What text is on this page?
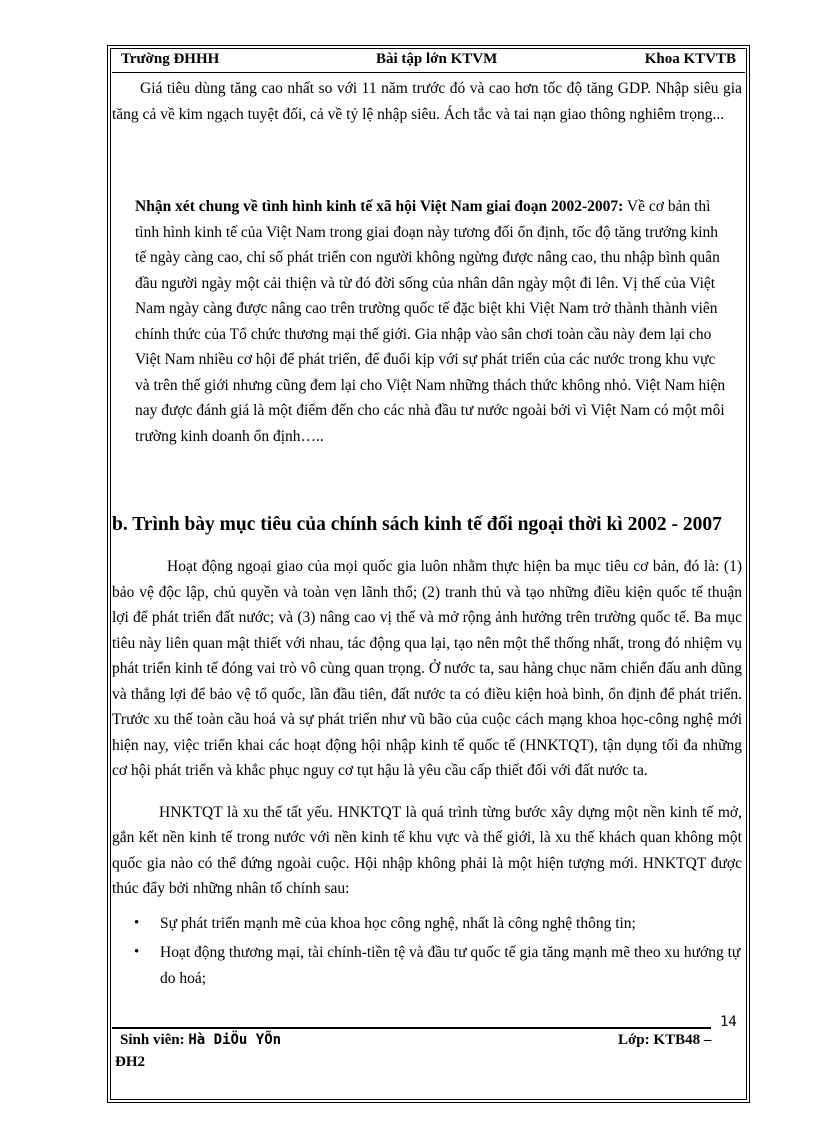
Trường ĐHHH	Bài tập lớn KTVM	Khoa KTVTB

Giá tiêu dùng tăng cao nhất so với 11 năm trước đó và cao hơn tốc độ tăng GDP. Nhập siêu gia tăng cả về kim ngạch tuyệt đối, cả về tỷ lệ nhập siêu. Ách tắc và tai nạn giao thông nghiêm trọng...

Nhận xét chung về tình hình kinh tế xã hội Việt Nam giai đoạn 2002-2007: Về cơ bản thì tình hình kinh tế của Việt Nam trong giai đoạn này tương đối ổn định, tốc độ tăng trưởng kinh tế ngày càng cao, chỉ số phát triển con người không ngừng được nâng cao, thu nhập bình quân đầu người ngày một cải thiện và từ đó đời sống của nhân dân ngày một đi lên. Vị thế của Việt Nam ngày càng được nâng cao trên trường quốc tế đặc biệt khi Việt Nam trở thành thành viên chính thức của Tổ chức thương mại thế giới. Gia nhập vào sân chơi toàn cầu này đem lại cho Việt Nam nhiều cơ hội để phát triển, để đuổi kịp với sự phát triển của các nước trong khu vực và trên thế giới nhưng cũng đem lại cho Việt Nam những thách thức không nhỏ. Việt Nam hiện nay được đánh giá là một điểm đến cho các nhà đầu tư nước ngoài bởi vì Việt Nam có một môi trường kinh doanh ổn định…..

b. Trình bày mục tiêu của chính sách kinh tế đối ngoại thời kì 2002 - 2007

Hoạt động ngoại giao của mọi quốc gia luôn nhằm thực hiện ba mục tiêu cơ bản, đó là: (1) bảo vệ độc lập, chủ quyền và toàn vẹn lãnh thổ; (2) tranh thủ và tạo những điều kiện quốc tế thuận lợi để phát triển đất nước; và (3) nâng cao vị thế và mở rộng ảnh hưởng trên trường quốc tế. Ba mục tiêu này liên quan mật thiết với nhau, tác động qua lại, tạo nên một thể thống nhất, trong đó nhiệm vụ phát triển kinh tế đóng vai trò vô cùng quan trọng. Ở nước ta, sau hàng chục năm chiến đấu anh dũng và thắng lợi để bảo vệ tổ quốc, lần đầu tiên, đất nước ta có điều kiện hoà bình, ổn định để phát triển. Trước xu thế toàn cầu hoá và sự phát triển như vũ bão của cuộc cách mạng khoa học-công nghệ mới hiện nay, việc triển khai các hoạt động hội nhập kinh tế quốc tế (HNKTQT), tận dụng tối đa những cơ hội phát triển và khắc phục nguy cơ tụt hậu là yêu cầu cấp thiết đối với đất nước ta.

HNKTQT là xu thế tất yếu. HNKTQT là quá trình từng bước xây dựng một nền kinh tế mở, gắn kết nền kinh tế trong nước với nền kinh tế khu vực và thế giới, là xu thế khách quan không một quốc gia nào có thể đứng ngoài cuộc. Hội nhập không phải là một hiện tượng mới. HNKTQT được thúc đẩy bởi những nhân tố chính sau:

• Sự phát triển mạnh mẽ của khoa học công nghệ, nhất là công nghệ thông tin;
• Hoạt động thương mại, tài chính-tiền tệ và đầu tư quốc tế gia tăng mạnh mẽ theo xu hướng tự do hoá;
14
Sinh viên: Hà DiÖu YÕn	Lớp: KTB48 –
ĐH2
